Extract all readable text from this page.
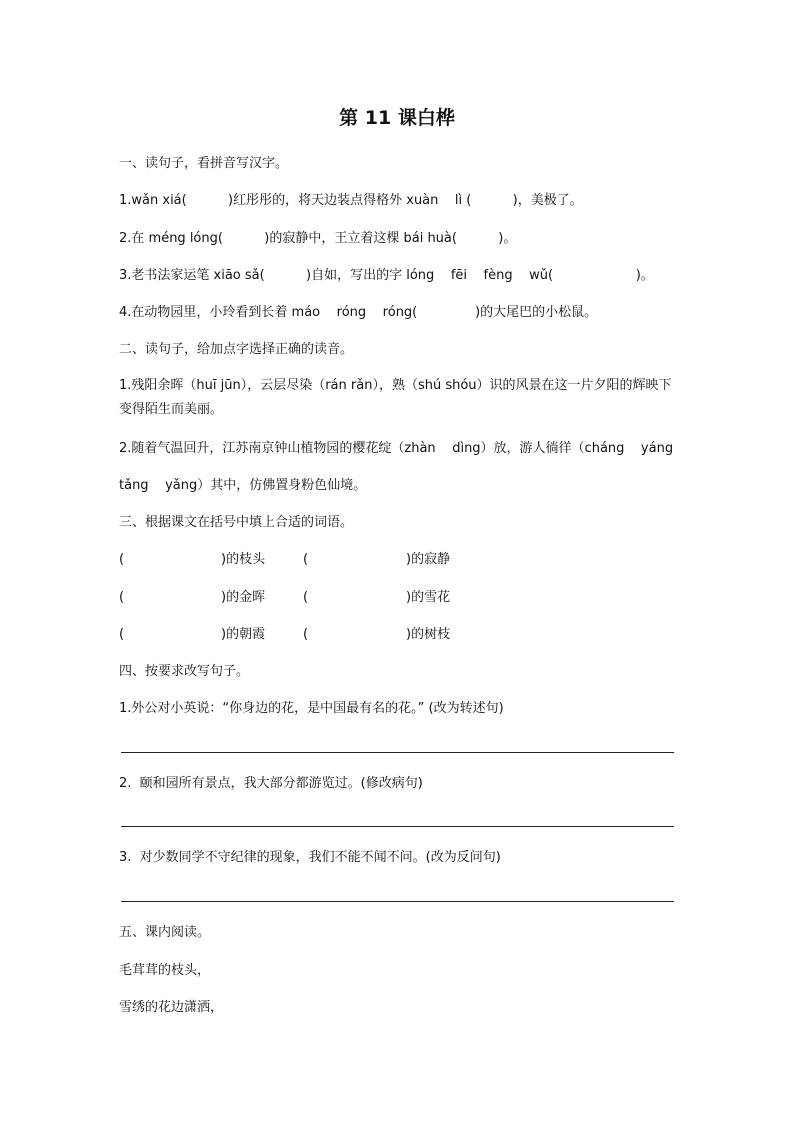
第 11 课白桦
一、读句子，看拼音写汉字。
1.wǎn xiá(          )红彤彤的，将天边装点得格外 xuàn    lì (          )，美极了。
2.在 méng lóng(          )的寂静中，王立着这棵 bái huà(          )。
3.老书法家运笔 xiāo sǎ(          )自如，写出的字 lóng    fēi    fèng    wǔ(                    )。
4.在动物园里，小玲看到长着 máo    róng    róng(              )的大尾巴的小松鼠。
二、读句子，给加点字选择正确的读音。
1.残阳余晖（huī jūn），云层尽染（rán rǎn），熟（shú shóu）识的风景在这一片夕阳的辉映下变得陌生而美丽。
2.随着气温回升，江苏南京钟山植物园的樱花绽（zhàn    dìng）放，游人徜徉（cháng    yáng
tǎng    yǎng）其中，仿佛置身粉色仙境。
三、根据课文在括号中填上合适的词语。
(	)的枝头	(	)的寂静
(	)的金晖	(	)的雪花
(	)的朝霞	(	)的树枝
四、按要求改写句子。
1.外公对小英说：“你身边的花，是中国最有名的花。” (改为转述句)
2.  颐和园所有景点，我大部分都游览过。(修改病句)
3.  对少数同学不守纪律的现象，我们不能不闻不问。(改为反问句)
五、课内阅读。
毛茸茸的枝头，
雪绣的花边潇洒，
